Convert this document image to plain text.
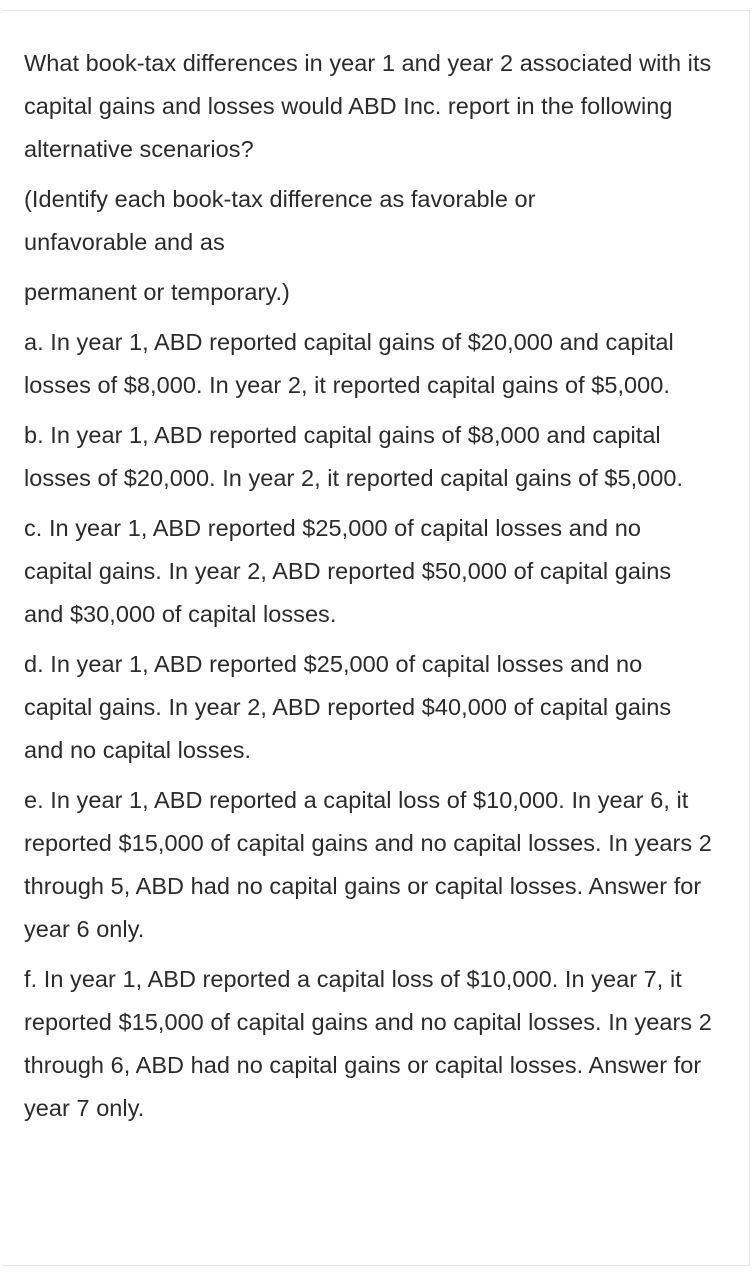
What book-tax differences in year 1 and year 2 associated with its capital gains and losses would ABD Inc. report in the following alternative scenarios?

(Identify each book-tax difference as favorable or unfavorable and as

permanent or temporary.)

a. In year 1, ABD reported capital gains of $20,000 and capital losses of $8,000. In year 2, it reported capital gains of $5,000.

b. In year 1, ABD reported capital gains of $8,000 and capital losses of $20,000. In year 2, it reported capital gains of $5,000.

c. In year 1, ABD reported $25,000 of capital losses and no capital gains. In year 2, ABD reported $50,000 of capital gains and $30,000 of capital losses.

d. In year 1, ABD reported $25,000 of capital losses and no capital gains. In year 2, ABD reported $40,000 of capital gains and no capital losses.

e. In year 1, ABD reported a capital loss of $10,000. In year 6, it reported $15,000 of capital gains and no capital losses. In years 2 through 5, ABD had no capital gains or capital losses. Answer for year 6 only.

f. In year 1, ABD reported a capital loss of $10,000. In year 7, it reported $15,000 of capital gains and no capital losses. In years 2 through 6, ABD had no capital gains or capital losses. Answer for year 7 only.
